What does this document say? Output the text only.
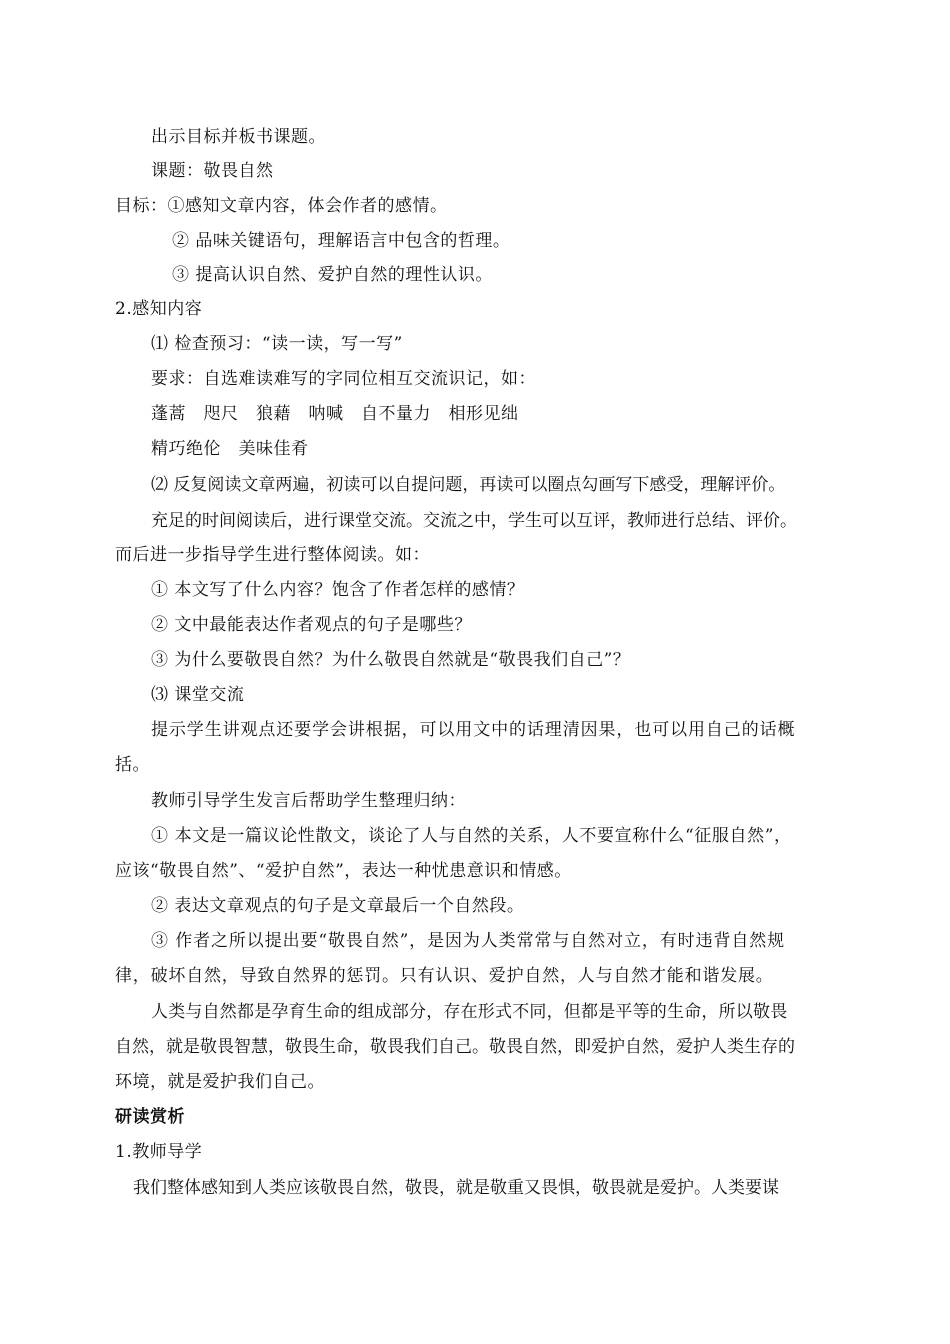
出示目标并板书课题。
课题：敬畏自然
目标：①感知文章内容，体会作者的感情。
② 品味关键语句，理解语言中包含的哲理。
③ 提高认识自然、爱护自然的理性认识。
2.感知内容
⑴ 检查预习：“读一读，写一写”
要求：自选难读难写的字同位相互交流识记，如：
蓬蒿　咫尺　狼藉　呐喊　自不量力　相形见绌
精巧绝伦　美味佳肴
⑵ 反复阅读文章两遍，初读可以自提问题，再读可以圈点勾画写下感受，理解评价。
充足的时间阅读后，进行课堂交流。交流之中，学生可以互评，教师进行总结、评价。
而后进一步指导学生进行整体阅读。如：
① 本文写了什么内容？饱含了作者怎样的感情？
② 文中最能表达作者观点的句子是哪些？
③ 为什么要敬畏自然？为什么敬畏自然就是“敬畏我们自己”？
⑶ 课堂交流
提示学生讲观点还要学会讲根据，可以用文中的话理清因果，也可以用自己的话概
括。
教师引导学生发言后帮助学生整理归纳：
① 本文是一篇议论性散文，谈论了人与自然的关系，人不要宣称什么“征服自然”，
应该“敬畏自然”、“爱护自然”，表达一种忧患意识和情感。
② 表达文章观点的句子是文章最后一个自然段。
③ 作者之所以提出要“敬畏自然”，是因为人类常常与自然对立，有时违背自然规
律，破坏自然，导致自然界的惩罚。只有认识、爱护自然，人与自然才能和谐发展。
人类与自然都是孕育生命的组成部分，存在形式不同，但都是平等的生命，所以敬畏
自然，就是敬畏智慧，敬畏生命，敬畏我们自己。敬畏自然，即爱护自然，爱护人类生存的
环境，就是爱护我们自己。
研读赏析
1.教师导学
我们整体感知到人类应该敬畏自然，敬畏，就是敬重又畏惧，敬畏就是爱护。人类要谋
